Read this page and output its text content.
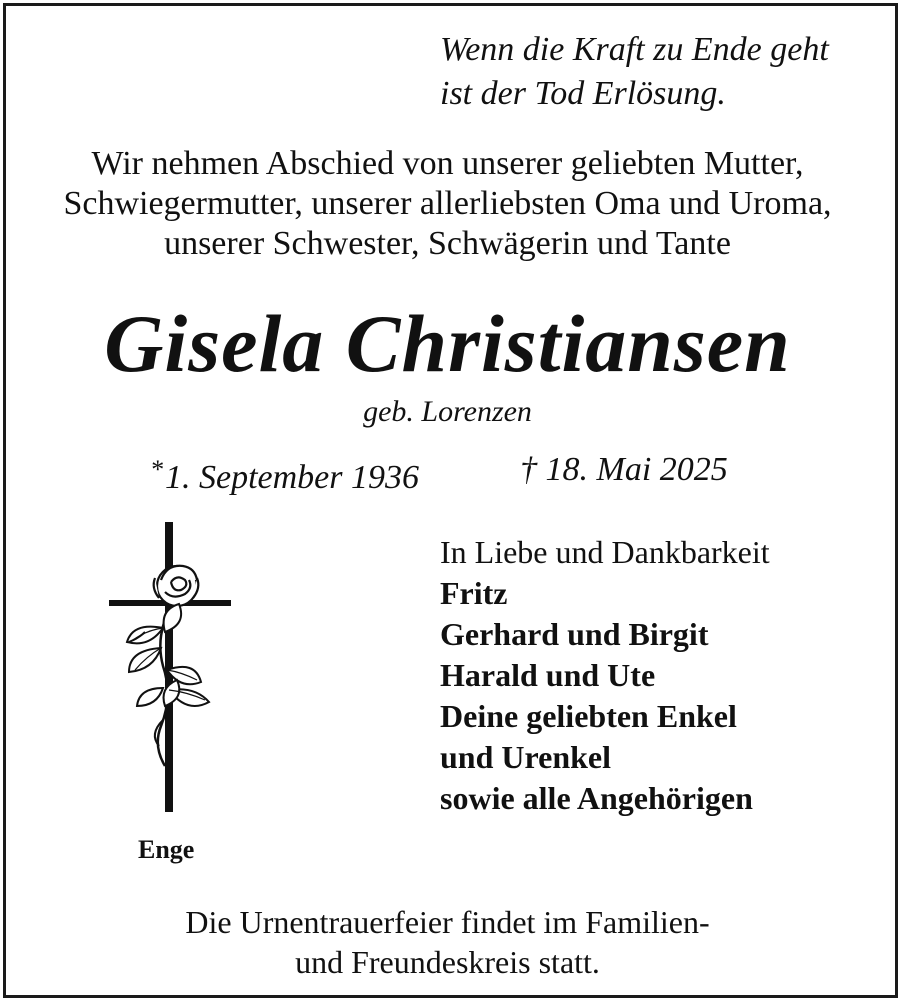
Wenn die Kraft zu Ende geht
ist der Tod Erlösung.
Wir nehmen Abschied von unserer geliebten Mutter,
Schwiegermutter, unserer allerliebsten Oma und Uroma,
unserer Schwester, Schwägerin und Tante
Gisela Christiansen
geb. Lorenzen
*1. September 1936	† 18. Mai 2025
Enge
In Liebe und Dankbarkeit
Fritz
Gerhard und Birgit
Harald und Ute
Deine geliebten Enkel
und Urenkel
sowie alle Angehörigen
Die Urnentrauerfeier findet im Familien-
und Freundeskreis statt.
